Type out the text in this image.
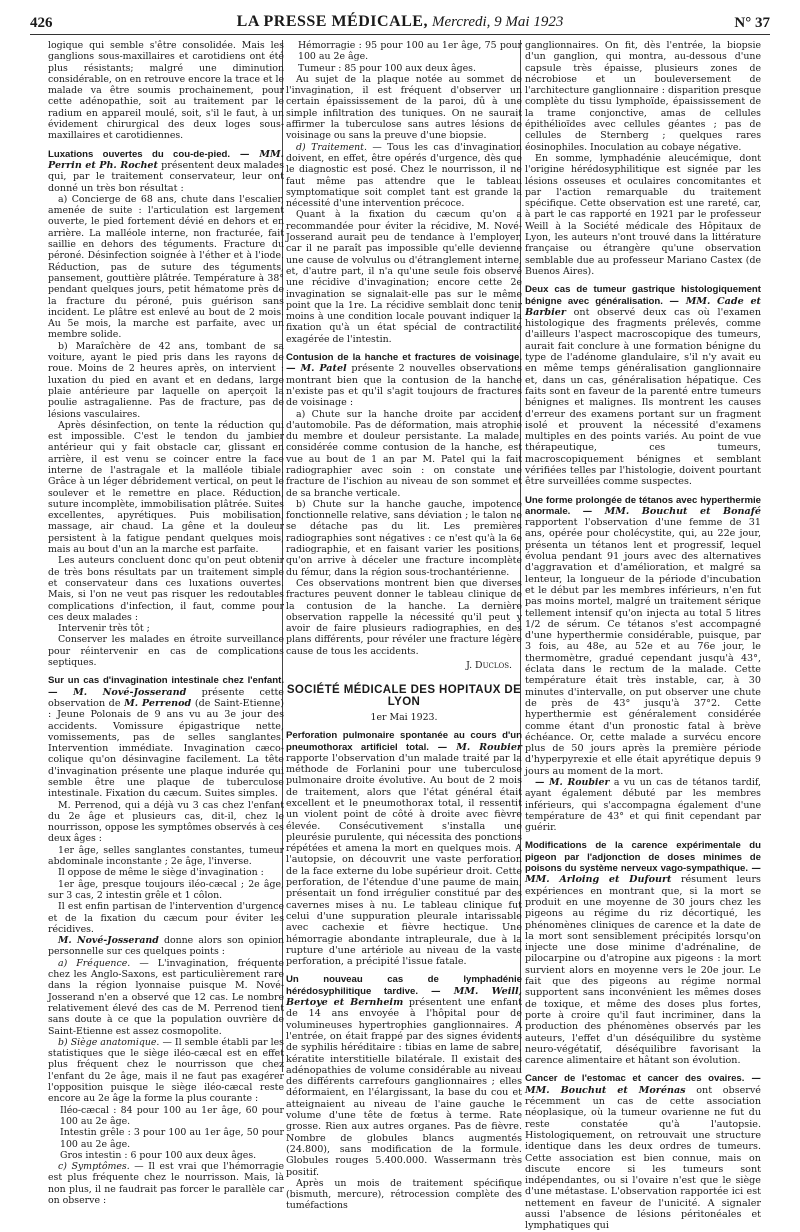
426	LA PRESSE MÉDICALE, Mercredi, 9 Mai 1923	N° 37

logique qui semble s'être consolidée. Mais les ganglions sous-maxillaires et carotidiens ont été plus résistants; malgré une diminution considérable, on en retrouve encore la trace et le malade va être soumis prochainement, pour cette adénopathie, soit au traitement par le radium en appareil moulé, soit, s'il le faut, à un évidement chirurgical des deux loges sous-maxillaires et carotidiennes.

Luxations ouvertes du cou-de-pied. — MM. Perrin et Ph. Rochet présentent deux malades qui, par le traitement conservateur, leur ont donné un très bon résultat :

a) Concierge de 68 ans, chute dans l'escalier, amenée de suite : l'articulation est largement ouverte, le pied fortement dévié en dehors et en arrière. La malléole interne, non fracturée, fait saillie en dehors des téguments. Fracture du péroné. Désinfection soignée à l'éther et à l'iode. Réduction, pas de suture des téguments, pansement, gouttière plâtrée. Température à 38° pendant quelques jours, petit hématome près de la fracture du péroné, puis guérison sans incident. Le plâtre est enlevé au bout de 2 mois. Au 5e mois, la marche est parfaite, avec un membre solide.

b) Maraîchère de 42 ans, tombant de sa voiture, ayant le pied pris dans les rayons de roue. Moins de 2 heures après, on intervient : luxation du pied en avant et en dedans, large plaie antérieure par laquelle on aperçoit la poulie astragalienne. Pas de fracture, pas de lésions vasculaires.

Après désinfection, on tente la réduction qui est impossible. C'est le tendon du jambier antérieur qui y fait obstacle car, glissant en arrière, il est venu se coincer entre la face interne de l'astragale et la malléole tibiale. Grâce à un léger débridement vertical, on peut le soulever et le remettre en place. Réduction, suture incomplète, immobilisation plâtrée. Suites excellentes, apyrétiques. Puis mobilisation, massage, air chaud. La gêne et la douleur persistent à la fatigue pendant quelques mois, mais au bout d'un an la marche est parfaite.

Les auteurs concluent donc qu'on peut obtenir de très bons résultats par un traitement simple et conservateur dans ces luxations ouvertes. Mais, si l'on ne veut pas risquer les redoutables complications d'infection, il faut, comme pour ces deux malades :

Intervenir très tôt ;

Conserver les malades en étroite surveillance pour réintervenir en cas de complications septiques.

Sur un cas d'invagination intestinale chez l'enfant. — M. Nové-Josserand présente cette observation de M. Perrenod (de Saint-Etienne) : Jeune Polonais de 9 ans vu au 3e jour des accidents. Vomissure épigastrique nette, vomissements, pas de selles sanglantes. Intervention immédiate. Invagination cæco-colique qu'on désinvagine facilement. La tête d'invagination présente une plaque indurée qui semble être une plaque de tuberculose intestinale. Fixation du cæcum. Suites simples.

M. Perrenod, qui a déjà vu 3 cas chez l'enfant du 2e âge et plusieurs cas, dit-il, chez le nourrisson, oppose les symptômes observés à ces deux âges :

1er âge, selles sanglantes constantes, tumeur abdominale inconstante ; 2e âge, l'inverse.

Il oppose de même le siège d'invagination :

1er âge, presque toujours iléo-cæcal ; 2e âge, sur 3 cas, 2 intestin grêle et 1 côlon.

Il est enfin partisan de l'intervention d'urgence et de la fixation du cæcum pour éviter les récidives.

M. Nové-Josserand donne alors son opinion personnelle sur ces quelques points :

a) Fréquence. — L'invagination, fréquente chez les Anglo-Saxons, est particulièrement rare dans la région lyonnaise puisque M. Nové-Josserand n'en a observé que 12 cas. Le nombre relativement élevé des cas de M. Perrenod tient sans doute à ce que la population ouvrière de Saint-Etienne est assez cosmopolite.

b) Siège anatomique. — Il semble établi par les statistiques que le siège iléo-cæcal est en effet plus fréquent chez le nourrisson que chez l'enfant du 2e âge, mais il ne faut pas exagérer l'opposition puisque le siège iléo-cæcal reste encore au 2e âge la forme la plus courante :

Iléo-cæcal : 84 pour 100 au 1er âge, 60 pour 100 au 2e âge.

Intestin grêle : 3 pour 100 au 1er âge, 50 pour 100 au 2e âge.

Gros intestin : 6 pour 100 aux deux âges.

c) Symptômes. — Il est vrai que l'hémorragie est plus fréquente chez le nourrisson. Mais, là non plus, il ne faudrait pas forcer le parallèle car on observe :

Hémorragie : 95 pour 100 au 1er âge, 75 pour 100 au 2e âge.

Tumeur : 85 pour 100 aux deux âges.

Au sujet de la plaque notée au sommet de l'invagination, il est fréquent d'observer un certain épaississement de la paroi, dû à une simple infiltration des tuniques. On ne saurait affirmer la tuberculose sans autres lésions de voisinage ou sans la preuve d'une biopsie.

d) Traitement. — Tous les cas d'invagination doivent, en effet, être opérés d'urgence, dès que le diagnostic est posé. Chez le nourrisson, il ne faut même pas attendre que le tableau symptomatique soit complet tant est grande la nécessité d'une intervention précoce.

Quant à la fixation du cæcum qu'on a recommandée pour éviter la récidive, M. Nové-Josserand aurait peu de tendance à l'employer, car il ne paraît pas impossible qu'elle devienne une cause de volvulus ou d'étranglement interne, et, d'autre part, il n'a qu'une seule fois observé une récidive d'invagination; encore cette 2e invagination se signalait-elle pas sur le même point que la 1re. La récidive semblait donc tenir moins à une condition locale pouvant indiquer la fixation qu'à un état spécial de contractilité exagérée de l'intestin.

Contusion de la hanche et fractures de voisinage. — M. Patel présente 2 nouvelles observations montrant bien que la contusion de la hanche n'existe pas et qu'il s'agit toujours de fractures de voisinage :

a) Chute sur la hanche droite par accident d'automobile. Pas de déformation, mais atrophie du membre et douleur persistante. La malade, considérée comme contusion de la hanche, est vue au bout de 1 an par M. Patel qui la fait radiographier avec soin : on constate une fracture de l'ischion au niveau de son sommet et de sa branche verticale.

b) Chute sur la hanche gauche, impotence fonctionnelle relative, sans déviation ; le talon ne se détache pas du lit. Les premières radiographies sont négatives : ce n'est qu'à la 6e radiographie, et en faisant varier les positions, qu'on arrive à déceler une fracture incomplète du fémur, dans la région sous-trochantérienne.

Ces observations montrent bien que diverses fractures peuvent donner le tableau clinique de la contusion de la hanche. La dernière observation rappelle la nécessité qu'il peut y avoir de faire plusieurs radiographies, en des plans différents, pour révéler une fracture légère cause de tous les accidents.

J. Duclos.
SOCIÉTÉ MÉDICALE DES HOPITAUX DE LYON
1er Mai 1923.

Perforation pulmonaire spontanée au cours d'un pneumothorax artificiel total. — M. Roubier rapporte l'observation d'un malade traité par la méthode de Forlanini pour une tuberculose pulmonaire droite évolutive. Au bout de 2 mois de traitement, alors que l'état général était excellent et le pneumothorax total, il ressentit un violent point de côté à droite avec fièvre élevée. Consécutivement s'installa une pleurésie purulente, qui nécessita des ponctions répétées et amena la mort en quelques mois. A l'autopsie, on découvrit une vaste perforation de la face externe du lobe supérieur droit. Cette perforation, de l'étendue d'une paume de main, présentait un fond irrégulier constitué par des cavernes mises à nu. Le tableau clinique fut celui d'une suppuration pleurale intarissable avec cachexie et fièvre hectique. Une hémorragie abondante intrapleurale, due à la rupture d'une artériole au niveau de la vaste perforation, a précipité l'issue fatale.

Un nouveau cas de lymphadénie hérédosyphilitique tardive. — MM. Weill, Bertoye et Bernheim présentent une enfant de 14 ans envoyée à l'hôpital pour de volumineuses hypertrophies ganglionnaires. A l'entrée, on était frappé par des signes évidents de syphilis héréditaire : tibias en lame de sabre, kératite interstitielle bilatérale. Il existait des adénopathies de volume considérable au niveau des différents carrefours ganglionnaires ; elles déformaient, en l'élargissant, la base du cou et atteignaient au niveau de l'aine gauche le volume d'une tête de fœtus à terme. Rate grosse. Rien aux autres organes. Pas de fièvre. Nombre de globules blancs augmentés (24.800), sans modification de la formule. Globules rouges 5.400.000. Wassermann très positif.

Après un mois de traitement spécifique (bismuth, mercure), rétrocession complète des tuméfactions

ganglionnaires. On fit, dès l'entrée, la biopsie d'un ganglion, qui montra, au-dessous d'une capsule très épaisse, plusieurs zones de nécrobiose et un bouleversement de l'architecture ganglionnaire : disparition presque complète du tissu lymphoïde, épaississement de la trame conjonctive, amas de cellules épithélioïdes avec cellules géantes ; pas de cellules de Sternberg ; quelques rares éosinophiles. Inoculation au cobaye négative.

En somme, lymphadénie aleucémique, dont l'origine hérédosyphilitique est signée par les lésions osseuses et oculaires concomitantes et par l'action remarquable du traitement spécifique. Cette observation est une rareté, car, à part le cas rapporté en 1921 par le professeur Weill à la Société médicale des Hôpitaux de Lyon, les auteurs n'ont trouvé dans la littérature française ou étrangère qu'une observation semblable due au professeur Mariano Castex (de Buenos Aires).

Deux cas de tumeur gastrique histologiquement bénigne avec généralisation. — MM. Cade et Barbier ont observé deux cas où l'examen histologique des fragments prélevés, comme d'ailleurs l'aspect macroscopique des tumeurs, aurait fait conclure à une formation bénigne du type de l'adénome glandulaire, s'il n'y avait eu en même temps généralisation ganglionnaire et, dans un cas, généralisation hépatique. Ces faits sont en faveur de la parenté entre tumeurs bénignes et malignes. Ils montrent les causes d'erreur des examens portant sur un fragment isolé et prouvent la nécessité d'examens multiples en des points variés. Au point de vue thérapeutique, ces tumeurs, macroscopiquement bénignes et semblant vérifiées telles par l'histologie, doivent pourtant être surveillées comme suspectes.

Une forme prolongée de tétanos avec hyperthermie anormale. — MM. Bouchut et Bonafé rapportent l'observation d'une femme de 31 ans, opérée pour cholécystite, qui, au 22e jour, présenta un tétanos lent et progressif, lequel évolua pendant 91 jours avec des alternatives d'aggravation et d'amélioration, et malgré sa lenteur, la longueur de la période d'incubation et le début par les membres inférieurs, n'en fut pas moins mortel, malgré un traitement sérique tellement intensif qu'on injecta au total 5 litres 1/2 de sérum. Ce tétanos s'est accompagné d'une hyperthermie considérable, puisque, par 3 fois, au 48e, au 52e et au 76e jour, le thermomètre, gradué cependant jusqu'à 43°, éclata dans le rectum de la malade. Cette température était très instable, car, à 30 minutes d'intervalle, on put observer une chute de près de 43° jusqu'à 37°2. Cette hyperthermie est généralement considérée comme étant d'un pronostic fatal à brève échéance. Or, cette malade a survécu encore plus de 50 jours après la première période d'hyperpyrexie et elle était apyrétique depuis 9 jours au moment de la mort.

— M. Roubier a vu un cas de tétanos tardif, ayant également débuté par les membres inférieurs, qui s'accompagna également d'une température de 43° et qui finit cependant par guérir.

Modifications de la carence expérimentale du pigeon par l'adjonction de doses minimes de poisons du système nerveux vago-sympathique. — MM. Arloing et Dufourt résument leurs expériences en montrant que, si la mort se produit en une moyenne de 30 jours chez les pigeons au régime du riz décortiqué, les phénomènes cliniques de carence et la date de la mort sont sensiblement précipités lorsqu'on injecte une dose minime d'adrénaline, de pilocarpine ou d'atropine aux pigeons : la mort survient alors en moyenne vers le 20e jour. Le fait que des pigeons au régime normal supportent sans inconvénient les mêmes doses de toxique, et même des doses plus fortes, porte à croire qu'il faut incriminer, dans la production des phénomènes observés par les auteurs, l'effet d'un déséquilibre du système neuro-végétatif, déséquilibre favorisant la carence alimentaire et hâtant son évolution.

Cancer de l'estomac et cancer des ovaires. — MM. Bouchut et Morénas ont observé récemment un cas de cette association néoplasique, où la tumeur ovarienne ne fut du reste constatée qu'à l'autopsie. Histologiquement, on retrouvait une structure identique dans les deux ordres de tumeurs. Cette association est bien connue, mais on discute encore si les tumeurs sont indépendantes, ou si l'ovaire n'est que le siège d'une métastase. L'observation rapportée ici est nettement en faveur de l'unicité. A signaler aussi l'absence de lésions péritonéales et lymphatiques qui
